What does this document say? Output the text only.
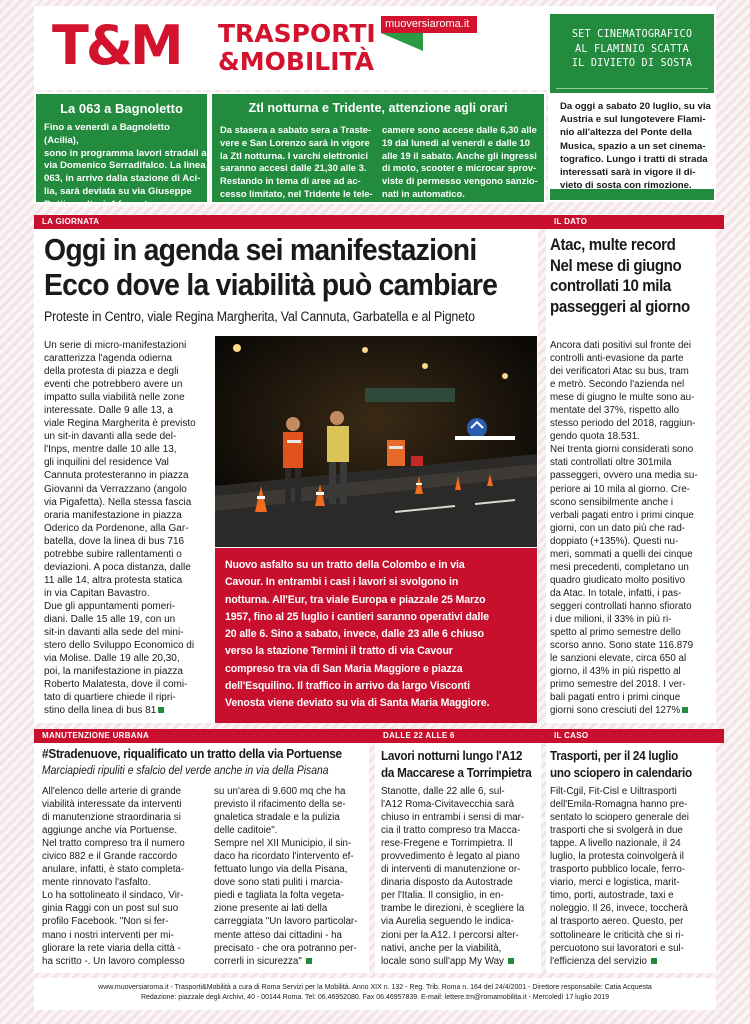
T&M TRASPORTI
&MOBILITÀ
muoversiaroma.it
SET CINEMATOGRAFICO
AL FLAMINIO SCATTA
IL DIVIETO DI SOSTA
Da oggi a sabato 20 luglio, su via
Austria e sul lungotevere Flami-
nio all'altezza del Ponte della
Musica, spazio a un set cinema-
tografico. Lungo i tratti di strada
interessati sarà in vigore il di-
vieto di sosta con rimozione.
La 063 a Bagnoletto
Fino a venerdì a Bagnoletto (Acilia),
sono in programma lavori stradali a
via Domenico Serradifalco. La linea
063, in arrivo dalla stazione di Aci-
lia, sarà deviata su via Giuseppe
Botti e salterà 4 fermate.
Ztl notturna e Tridente, attenzione agli orari
Da stasera a sabato sera a Traste-
vere e San Lorenzo sarà in vigore
la Ztl notturna. I varchi elettronici
saranno accesi dalle 21,30 alle 3.
Restando in tema di aree ad ac-
cesso limitato, nel Tridente le tele-
camere sono accese dalle 6,30 alle
19 dal lunedì al venerdì e dalle 10
alle 19 il sabato. Anche gli ingressi
di moto, scooter e microcar sprov-
viste di permesso vengono sanzio-
nati in automatico.
LA GIORNATA
Oggi in agenda sei manifestazioni
Ecco dove la viabilità può cambiare
Proteste in Centro, viale Regina Margherita, Val Cannuta, Garbatella e al Pigneto
Un serie di micro-manifestazioni
caratterizza l'agenda odierna
della protesta di piazza e degli
eventi che potrebbero avere un
impatto sulla viabilità nelle zone
interessate. Dalle 9 alle 13, a
viale Regina Margherita è previsto
un sit-in davanti alla sede del-
l'Inps, mentre dalle 10 alle 13,
gli inquilini del residence Val
Cannuta protesteranno in piazza
Giovanni da Verrazzano (angolo
via Pigafetta). Nella stessa fascia
oraria manifestazione in piazza
Oderico da Pordenone, alla Gar-
batella, dove la linea di bus 716
potrebbe subire rallentamenti o
deviazioni. A poca distanza, dalle
11 alle 14, altra protesta statica
in via Capitan Bavastro.
Due gli appuntamenti pomeri-
diani. Dalle 15 alle 19, con un
sit-in davanti alla sede del mini-
stero dello Sviluppo Economico di
via Molise. Dalle 19 alle 20,30,
poi, la manifestazione in piazza
Roberto Malatesta, dove il comi-
tato di quartiere chiede il ripri-
stino della linea di bus 81
Nuovo asfalto su un tratto della Colombo e in via
Cavour. In entrambi i casi i lavori si svolgono in
notturna. All'Eur, tra viale Europa e piazzale 25 Marzo
1957, fino al 25 luglio i cantieri saranno operativi dalle
20 alle 6. Sino a sabato, invece, dalle 23 alle 6 chiuso
verso la stazione Termini il tratto di via Cavour
compreso tra via di San Maria Maggiore e piazza
dell'Esquilino. Il traffico in arrivo da largo Visconti
Venosta viene deviato su via di Santa Maria Maggiore.
IL DATO
Atac, multe record
Nel mese di giugno
controllati 10 mila
passeggeri al giorno
Ancora dati positivi sul fronte dei
controlli anti-evasione da parte
dei verificatori Atac su bus, tram
e metrò. Secondo l'azienda nel
mese di giugno le multe sono au-
mentate del 37%, rispetto allo
stesso periodo del 2018, raggiun-
gendo quota 18.531.
Nei trenta giorni considerati sono
stati controllati oltre 301mila
passeggeri, ovvero una media su-
periore ai 10 mila al giorno. Cre-
scono sensibilmente anche i
verbali pagati entro i primi cinque
giorni, con un dato più che rad-
doppiato (+135%). Questi nu-
meri, sommati a quelli dei cinque
mesi precedenti, completano un
quadro giudicato molto positivo
da Atac. In totale, infatti, i pas-
seggeri controllati hanno sfiorato
i due milioni, il 33% in più ri-
spetto al primo semestre dello
scorso anno. Sono state 116.879
le sanzioni elevate, circa 650 al
giorno, il 43% in più rispetto al
primo semestre del 2018. I ver-
bali pagati entro i primi cinque
giorni sono cresciuti del 127%
MANUTENZIONE URBANA
#Stradenuove, riqualificato un tratto della via Portuense
Marciapiedi ripuliti e sfalcio del verde anche in via della Pisana
All'elenco delle arterie di grande
viabilità interessate da interventi
di manutenzione straordinaria si
aggiunge anche via Portuense.
Nel tratto compreso tra il numero
civico 882 e il Grande raccordo
anulare, infatti, è stato completa-
mente rinnovato l'asfalto.
Lo ha sottolineato il sindaco, Vir-
ginia Raggi con un post sul suo
profilo Facebook. "Non si fer-
mano i nostri interventi per mi-
gliorare la rete viaria della città -
ha scritto -. Un lavoro complesso
su un'area di 9.600 mq che ha
previsto il rifacimento della se-
gnaletica stradale e la pulizia
delle caditoie".
Sempre nel XII Municipio, il sin-
daco ha ricordato l'intervento ef-
fettuato lungo via della Pisana,
dove sono stati puliti i marcia-
piedi e tagliata la folta vegeta-
zione presente ai lati della
carreggiata "Un lavoro particolar-
mente atteso dai cittadini - ha
precisato - che ora potranno per-
correrli in sicurezza"
DALLE 22 ALLE 6
Lavori notturni lungo l'A12
da Maccarese a Torrimpietra
Stanotte, dalle 22 alle 6, sul-
l'A12 Roma-Civitavecchia sarà
chiuso in entrambi i sensi di mar-
cia il tratto compreso tra Macca-
rese-Fregene e Torrimpietra. Il
provvedimento è legato al piano
di interventi di manutenzione or-
dinaria disposto da Autostrade
per l'Italia. Il consiglio, in en-
trambe le direzioni, è scegliere la
via Aurelia seguendo le indica-
zioni per la A12. I percorsi alter-
nativi, anche per la viabilità,
locale sono sull'app My Way
IL CASO
Trasporti, per il 24 luglio
uno sciopero in calendario
Filt-Cgil, Fit-Cisl e Uiltrasporti
dell'Emila-Romagna hanno pre-
sentato lo sciopero generale dei
trasporti che si svolgerà in due
tappe. A livello nazionale, il 24
luglio, la protesta coinvolgerà il
trasporto pubblico locale, ferro-
viario, merci e logistica, marit-
timo, porti, autostrade, taxi e
noleggio. Il 26, invece, toccherà
al trasporto aereo. Questo, per
sottolineare le criticità che si ri-
percuotono sui lavoratori e sul-
l'efficienza del servizio
www.muoversiaroma.it - Trasporti&Mobilità a cura di Roma Servizi per la Mobilità. Anno XIX n. 132 - Reg. Trib. Roma n. 164 del 24/4/2001 - Direttore responsabile: Catia Acquesta
Redazione: piazzale degli Archivi, 40 - 00144 Roma. Tel: 06.46952080. Fax 06.46957839. E-mail: lettere.tm@romamobilita.it - Mercoledì 17 luglio 2019
